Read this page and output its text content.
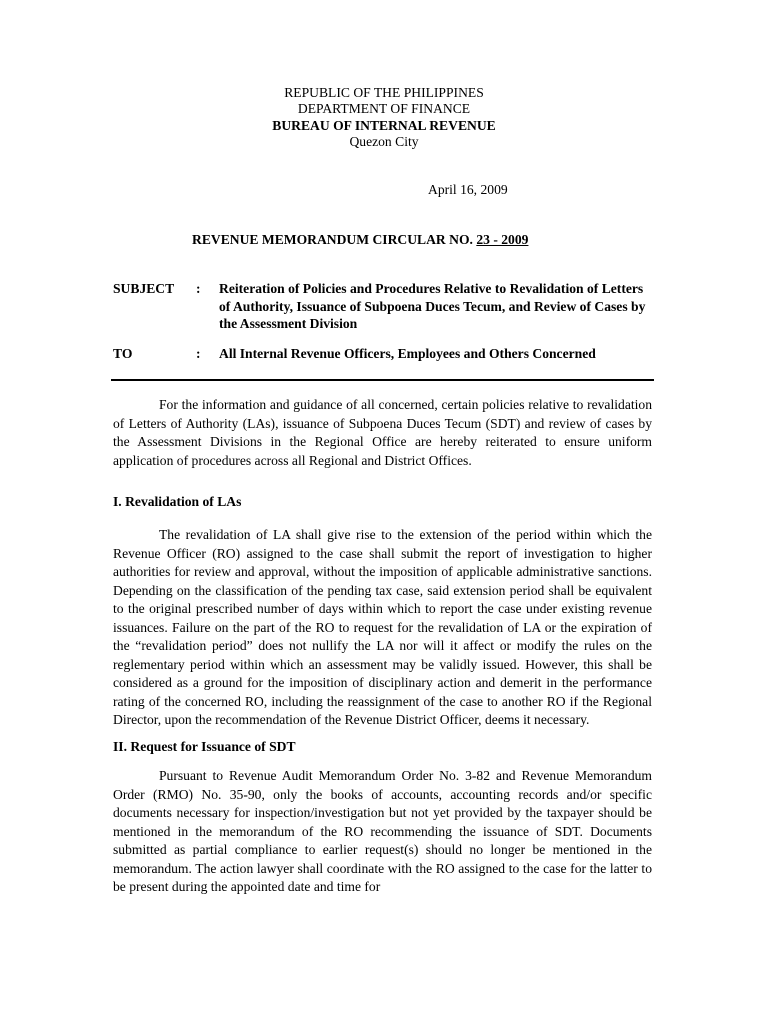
REPUBLIC OF THE PHILIPPINES
DEPARTMENT OF FINANCE
BUREAU OF INTERNAL REVENUE
Quezon City
April 16, 2009
REVENUE MEMORANDUM CIRCULAR NO. 23 - 2009
SUBJECT : Reiteration of Policies and Procedures Relative to Revalidation of Letters of Authority, Issuance of Subpoena Duces Tecum, and Review of Cases by the Assessment Division
TO	: All Internal Revenue Officers, Employees and Others Concerned

For the information and guidance of all concerned, certain policies relative to revalidation of Letters of Authority (LAs), issuance of Subpoena Duces Tecum (SDT) and review of cases by the Assessment Divisions in the Regional Office are hereby reiterated to ensure uniform application of procedures across all Regional and District Offices.

I. Revalidation of LAs

The revalidation of LA shall give rise to the extension of the period within which the Revenue Officer (RO) assigned to the case shall submit the report of investigation to higher authorities for review and approval, without the imposition of applicable administrative sanctions. Depending on the classification of the pending tax case, said extension period shall be equivalent to the original prescribed number of days within which to report the case under existing revenue issuances. Failure on the part of the RO to request for the revalidation of LA or the expiration of the “revalidation period” does not nullify the LA nor will it affect or modify the rules on the reglementary period within which an assessment may be validly issued. However, this shall be considered as a ground for the imposition of disciplinary action and demerit in the performance rating of the concerned RO, including the reassignment of the case to another RO if the Regional Director, upon the recommendation of the Revenue District Officer, deems it necessary.

II. Request for Issuance of SDT

Pursuant to Revenue Audit Memorandum Order No. 3-82 and Revenue Memorandum Order (RMO) No. 35-90, only the books of accounts, accounting records and/or specific documents necessary for inspection/investigation but not yet provided by the taxpayer should be mentioned in the memorandum of the RO recommending the issuance of SDT. Documents submitted as partial compliance to earlier request(s) should no longer be mentioned in the memorandum. The action lawyer shall coordinate with the RO assigned to the case for the latter to be present during the appointed date and time for
